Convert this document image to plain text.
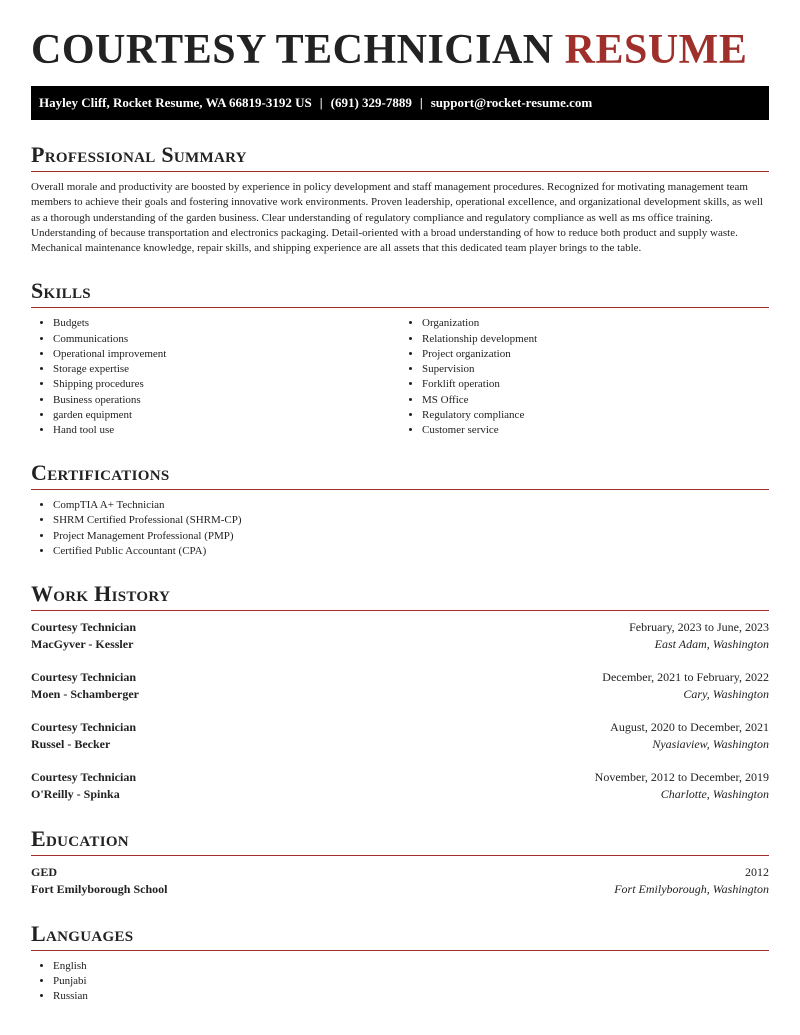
COURTESY TECHNICIAN RESUME
Hayley Cliff, Rocket Resume, WA 66819-3192 US | (691) 329-7889 | support@rocket-resume.com
Professional Summary

Overall morale and productivity are boosted by experience in policy development and staff management procedures. Recognized for motivating management team members to achieve their goals and fostering innovative work environments. Proven leadership, operational excellence, and organizational development skills, as well as a thorough understanding of the garden business. Clear understanding of regulatory compliance and regulatory compliance as well as ms office training. Understanding of because transportation and electronics packaging. Detail-oriented with a broad understanding of how to reduce both product and supply waste. Mechanical maintenance knowledge, repair skills, and shipping experience are all assets that this dedicated team player brings to the table.

Skills
• Budgets
• Communications
• Operational improvement
• Storage expertise
• Shipping procedures
• Business operations
• garden equipment
• Hand tool use
• Organization
• Relationship development
• Project organization
• Supervision
• Forklift operation
• MS Office
• Regulatory compliance
• Customer service
Certifications
• CompTIA A+ Technician
• SHRM Certified Professional (SHRM-CP)
• Project Management Professional (PMP)
• Certified Public Accountant (CPA)
Work History
Courtesy Technician	February, 2023 to June, 2023
MacGyver - Kessler	East Adam, Washington
Courtesy Technician	December, 2021 to February, 2022
Moen - Schamberger	Cary, Washington
Courtesy Technician	August, 2020 to December, 2021
Russel - Becker	Nyasiaview, Washington
Courtesy Technician	November, 2012 to December, 2019
O'Reilly - Spinka	Charlotte, Washington
Education
GED	2012
Fort Emilyborough School	Fort Emilyborough, Washington
Languages
• English
• Punjabi
• Russian
